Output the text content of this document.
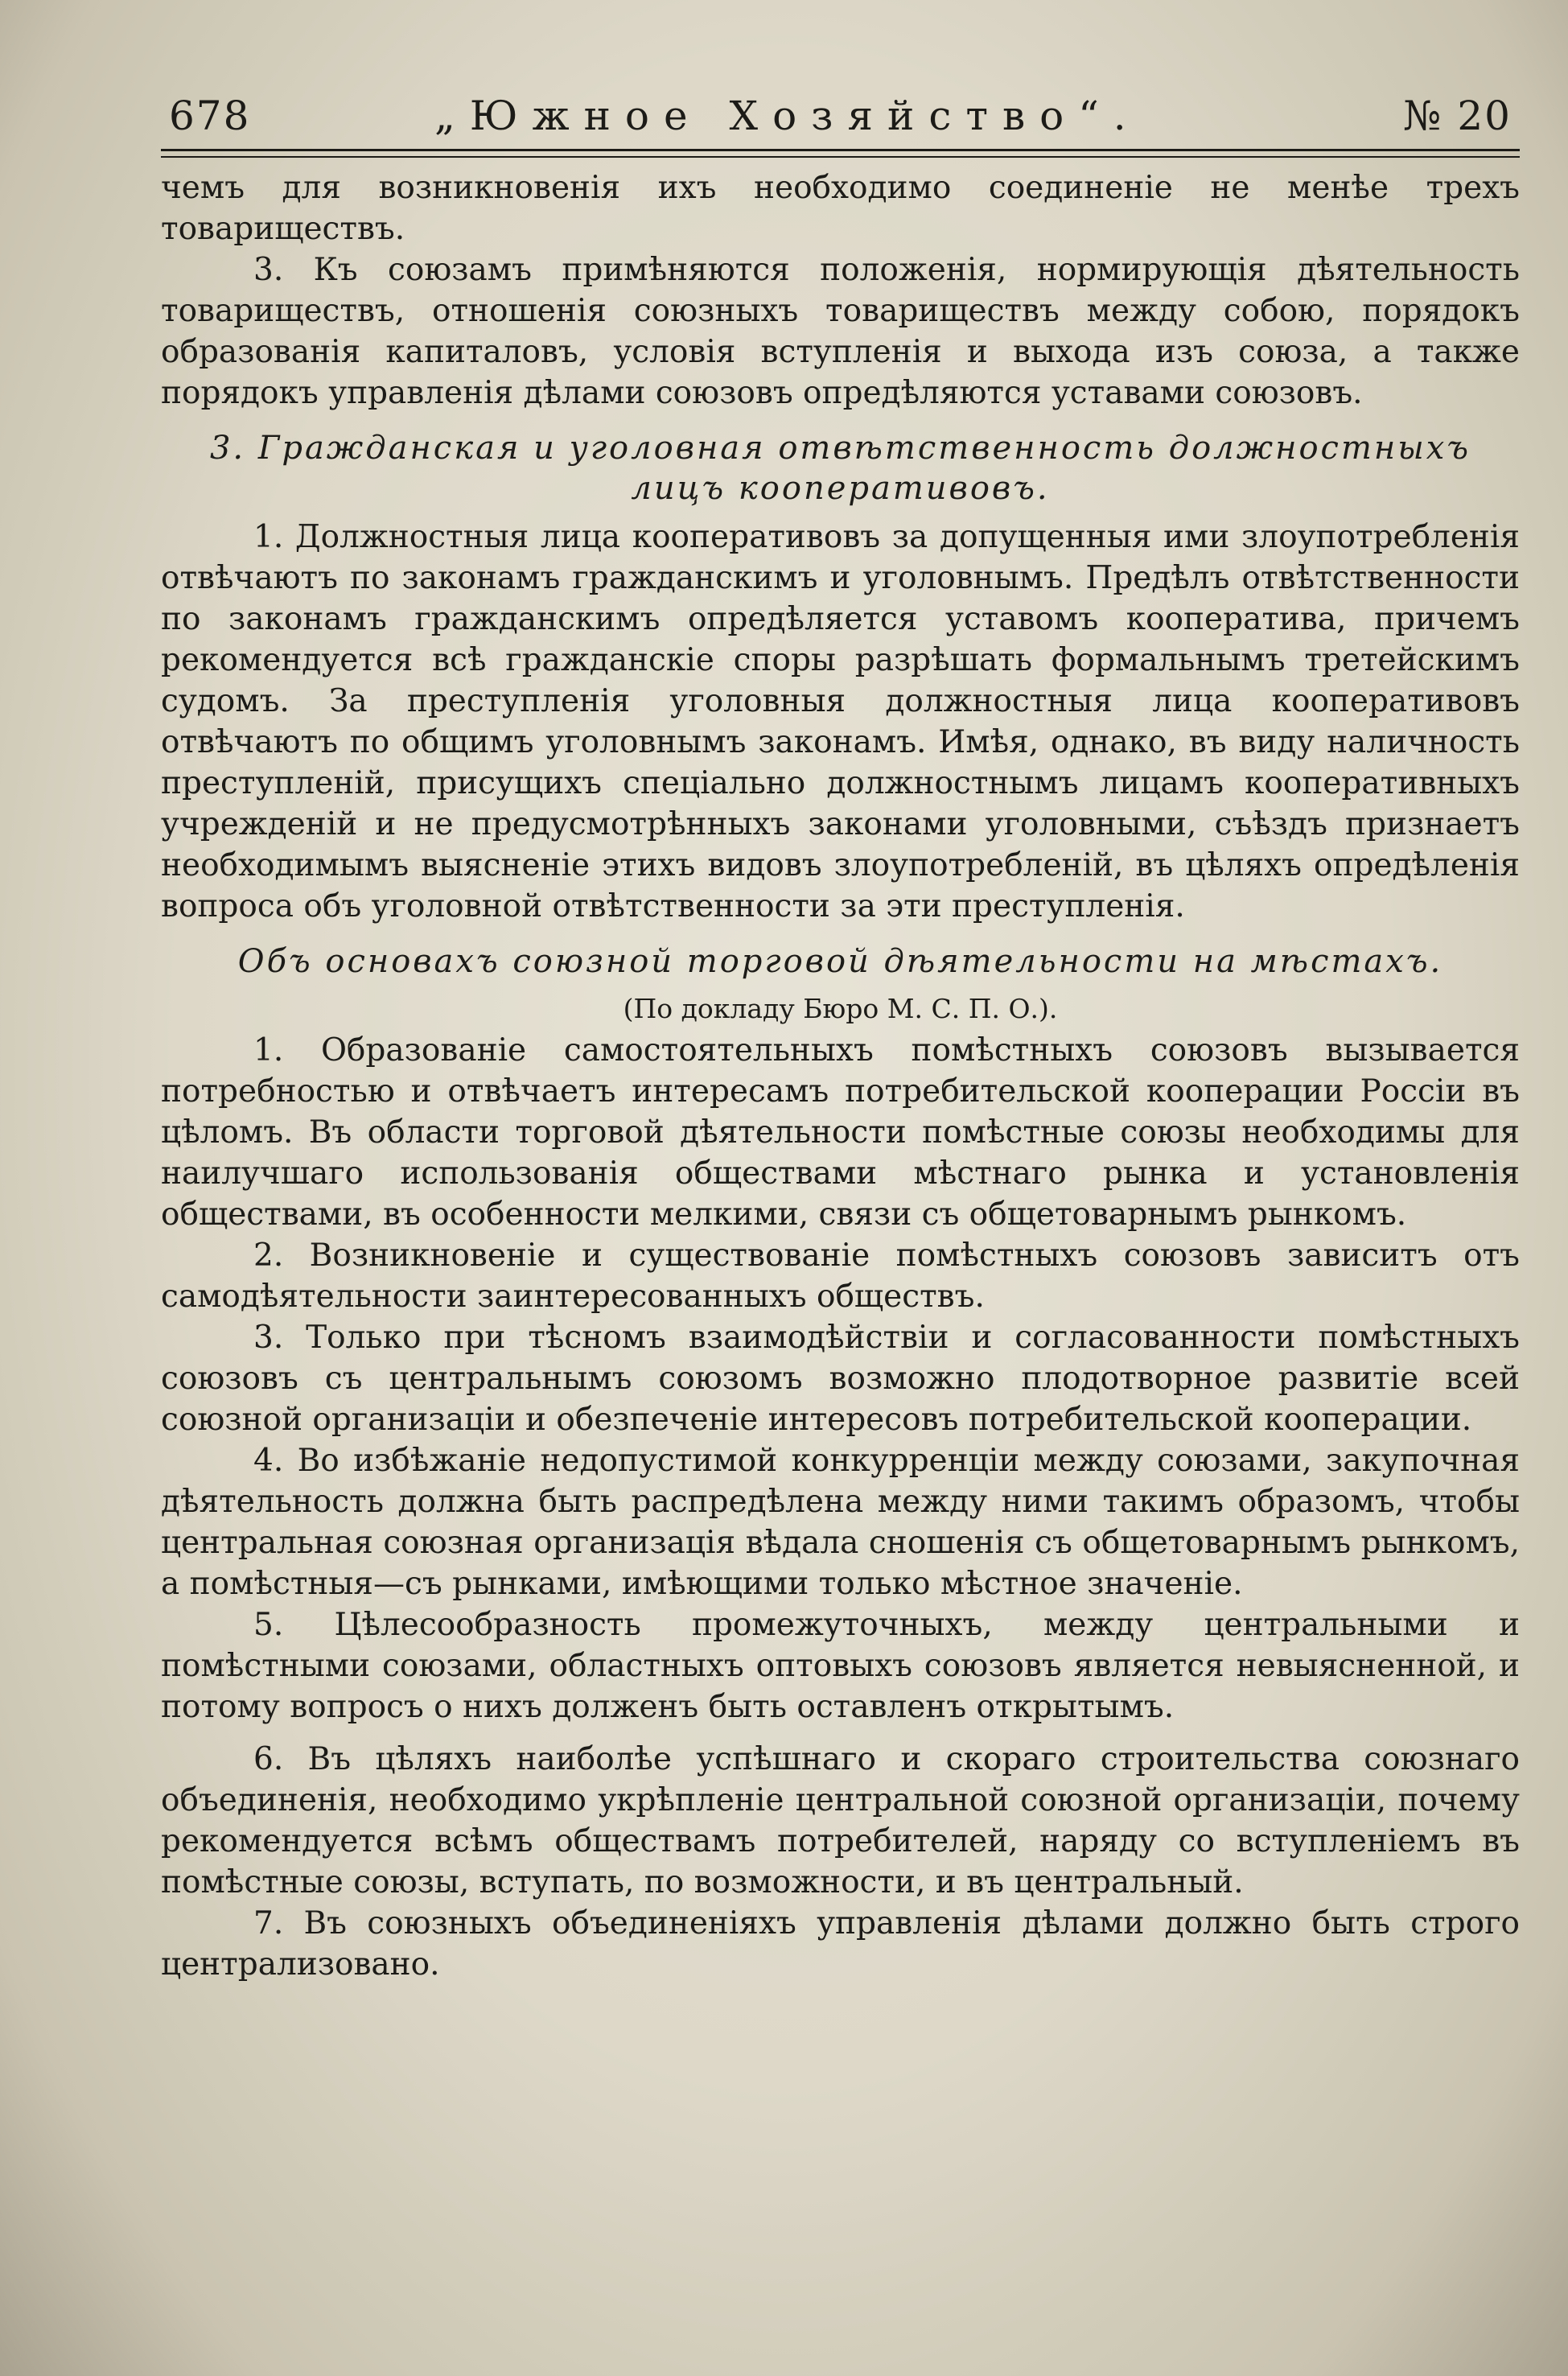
678	„Южное Хозяйство“.	№ 20

чемъ для возникновенія ихъ необходимо соединеніе не менѣе трехъ товариществъ.

3. Къ союзамъ примѣняются положенія, нормирующія дѣятельность товариществъ, отношенія союзныхъ товариществъ между собою, порядокъ образованія капиталовъ, условія вступленія и выхода изъ союза, а также порядокъ управленія дѣлами союзовъ опредѣляются уставами союзовъ.

3. Гражданская и уголовная отвѣтственность должностныхъ лицъ кооперативовъ.

1. Должностныя лица кооперативовъ за допущенныя ими злоупотребленія отвѣчаютъ по законамъ гражданскимъ и уголовнымъ. Предѣлъ отвѣтственности по законамъ гражданскимъ опредѣляется уставомъ кооператива, причемъ рекомендуется всѣ гражданскіе споры разрѣшать формальнымъ третейскимъ судомъ. За преступленія уголовныя должностныя лица кооперативовъ отвѣчаютъ по общимъ уголовнымъ законамъ. Имѣя, однако, въ виду наличность преступленій, присущихъ спеціально должностнымъ лицамъ кооперативныхъ учрежденій и не предусмотрѣнныхъ законами уголовными, съѣздъ признаетъ необходимымъ выясненіе этихъ видовъ злоупотребленій, въ цѣляхъ опредѣленія вопроса объ уголовной отвѣтственности за эти преступленія.

Объ основахъ союзной торговой дѣятельности на мѣстахъ.
(По докладу Бюро М. С. П. О.).

1. Образованіе самостоятельныхъ помѣстныхъ союзовъ вызывается потребностью и отвѣчаетъ интересамъ потребительской кооперации Россіи въ цѣломъ. Въ области торговой дѣятельности помѣстные союзы необходимы для наилучшаго использованія обществами мѣстнаго рынка и установленія обществами, въ особенности мелкими, связи съ общетоварнымъ рынкомъ.

2. Возникновеніе и существованіе помѣстныхъ союзовъ зависитъ отъ самодѣятельности заинтересованныхъ обществъ.

3. Только при тѣсномъ взаимодѣйствіи и согласованности помѣстныхъ союзовъ съ центральнымъ союзомъ возможно плодотворное развитіе всей союзной организаціи и обезпеченіе интересовъ потребительской кооперации.

4. Во избѣжаніе недопустимой конкурренціи между союзами, закупочная дѣятельность должна быть распредѣлена между ними такимъ образомъ, чтобы центральная союзная организація вѣдала сношенія съ общетоварнымъ рынкомъ, а помѣстныя—съ рынками, имѣющими только мѣстное значеніе.

5. Цѣлесообразность промежуточныхъ, между центральными и помѣстными союзами, областныхъ оптовыхъ союзовъ является невыясненной, и потому вопросъ о нихъ долженъ быть оставленъ открытымъ.

6. Въ цѣляхъ наиболѣе успѣшнаго и скораго строительства союзнаго объединенія, необходимо укрѣпленіе центральной союзной организаціи, почему рекомендуется всѣмъ обществамъ потребителей, наряду со вступленіемъ въ помѣстные союзы, вступать, по возможности, и въ центральный.

7. Въ союзныхъ объединеніяхъ управленія дѣлами должно быть строго централизовано.
